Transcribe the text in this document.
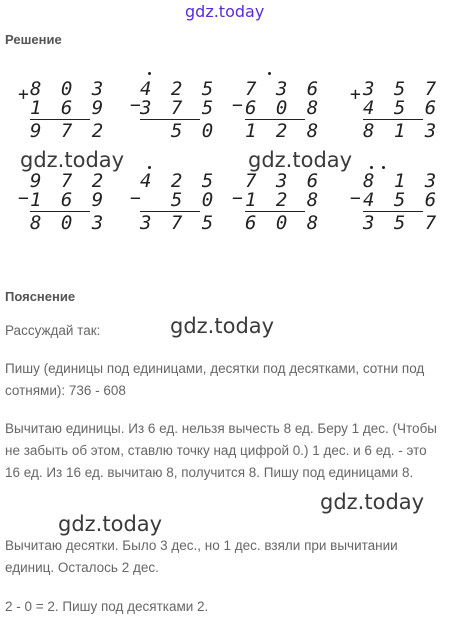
gdz.today
Решение
+ 8 0 3
1 6 9
9 7 2
−
4 2 5
3 7 5
5 0
−
7 3 6
6 0 8
1 2 8
+ 3 5 7
4 5 6
8 1 3
gdz.today	gdz.today
−
9 7 2
1 6 9
8 0 3
−
4 2 5
5 0
3 7 5
−
7 3 6
1 2 8
6 0 8
−
8 1 3
4 5 6
3 5 7
Пояснение
Рассуждай так:	gdz.today
Пишу (единицы под единицами, десятки под десятками, сотни под сотнями): 736 - 608
Вычитаю единицы. Из 6 ед. нельзя вычесть 8 ед. Беру 1 дес. (Чтобы не забыть об этом, ставлю точку над цифрой 0.) 1 дес. и 6 ед. - это 16 ед. Из 16 ед. вычитаю 8, получится 8. Пишу под единицами 8.
gdz.today
gdz.today
Вычитаю десятки. Было 3 дес., но 1 дес. взяли при вычитании единиц. Осталось 2 дес.
2 - 0 = 2. Пишу под десятками 2.
